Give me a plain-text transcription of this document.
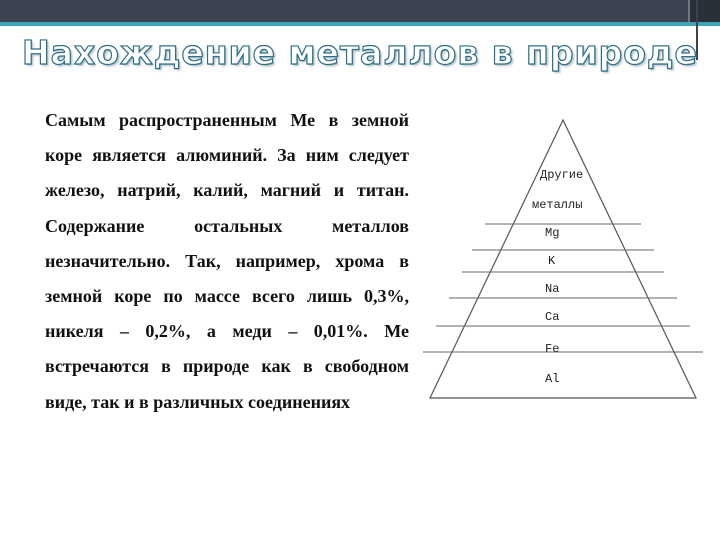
Нахождение металлов в природе

Самым распространенным Ме в земной коре является алюминий. За ним следует железо, натрий, калий, магний и титан. Содержание остальных металлов незначительно. Так, например, хрома в земной коре по массе всего лишь 0,3%, никеля – 0,2%, а меди – 0,01%. Ме встречаются в природе как в свободном виде, так и в различных соединениях

Другие
металлы
Mg
K
Na
Ca
Fe
Al
